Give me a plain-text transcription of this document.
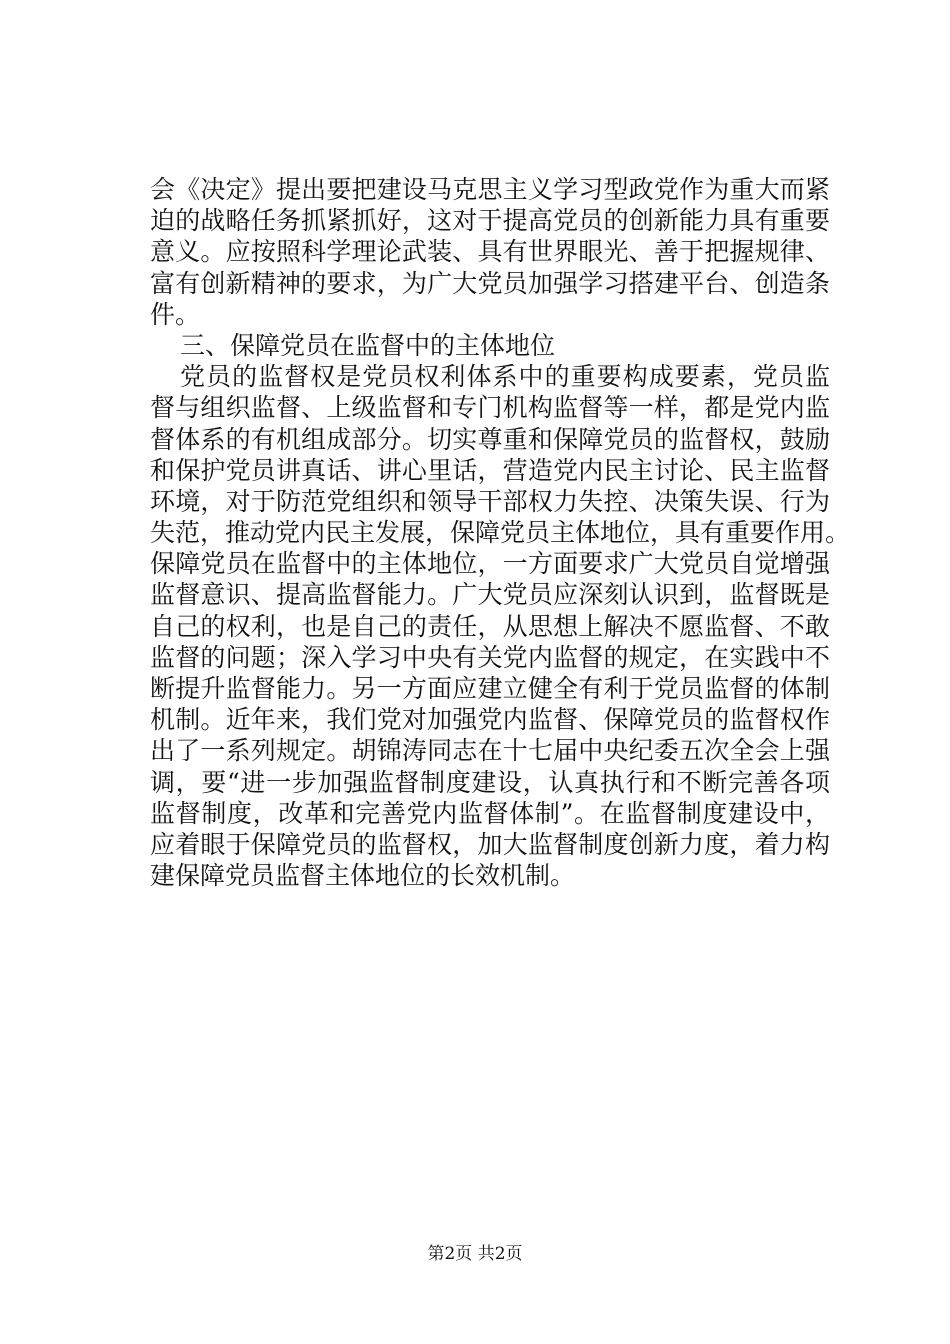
会《决定》提出要把建设马克思主义学习型政党作为重大而紧
迫的战略任务抓紧抓好，这对于提高党员的创新能力具有重要
意义。应按照科学理论武装、具有世界眼光、善于把握规律、
富有创新精神的要求，为广大党员加强学习搭建平台、创造条
件。
三、保障党员在监督中的主体地位
党员的监督权是党员权利体系中的重要构成要素，党员监
督与组织监督、上级监督和专门机构监督等一样，都是党内监
督体系的有机组成部分。切实尊重和保障党员的监督权，鼓励
和保护党员讲真话、讲心里话，营造党内民主讨论、民主监督
环境，对于防范党组织和领导干部权力失控、决策失误、行为
失范，推动党内民主发展，保障党员主体地位，具有重要作用。
保障党员在监督中的主体地位，一方面要求广大党员自觉增强
监督意识、提高监督能力。广大党员应深刻认识到，监督既是
自己的权利，也是自己的责任，从思想上解决不愿监督、不敢
监督的问题；深入学习中央有关党内监督的规定，在实践中不
断提升监督能力。另一方面应建立健全有利于党员监督的体制
机制。近年来，我们党对加强党内监督、保障党员的监督权作
出了一系列规定。胡锦涛同志在十七届中央纪委五次全会上强
调，要“进一步加强监督制度建设，认真执行和不断完善各项
监督制度，改革和完善党内监督体制”。在监督制度建设中，
应着眼于保障党员的监督权，加大监督制度创新力度，着力构
建保障党员监督主体地位的长效机制。
第2页 共2页
